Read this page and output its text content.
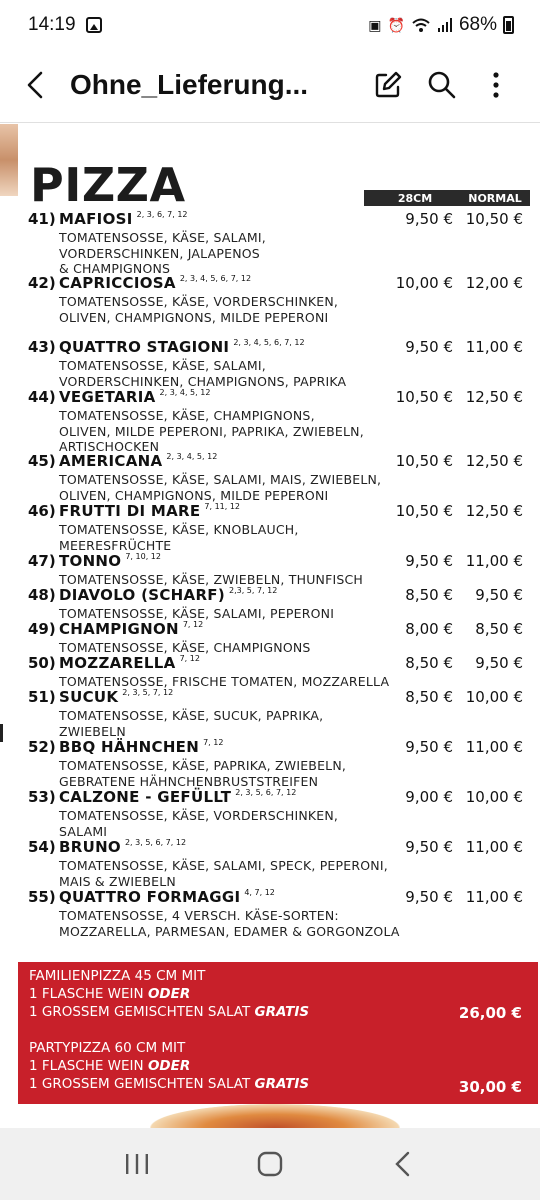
14:19	▣ ⏰	68%
Ohne_Lieferung...
PIZZA	28CM	NORMAL
41) MAFIOSI 2, 3, 6, 7, 12	9,50 € 10,50 €
TOMATENSOSSE, KÄSE, SALAMI,
VORDERSCHINKEN, JALAPENOS
& CHAMPIGNONS
42) CAPRICCIOSA 2, 3, 4, 5, 6, 7, 12	10,00 € 12,00 €
TOMATENSOSSE, KÄSE, VORDERSCHINKEN,
OLIVEN, CHAMPIGNONS, MILDE PEPERONI
43) QUATTRO STAGIONI 2, 3, 4, 5, 6, 7, 12	9,50 € 11,00 €
TOMATENSOSSE, KÄSE, SALAMI,
VORDERSCHINKEN, CHAMPIGNONS, PAPRIKA
44) VEGETARIA 2, 3, 4, 5, 12	10,50 € 12,50 €
TOMATENSOSSE, KÄSE, CHAMPIGNONS,
OLIVEN, MILDE PEPERONI, PAPRIKA, ZWIEBELN,
ARTISCHOCKEN
45) AMERICANA 2, 3, 4, 5, 12	10,50 € 12,50 €
TOMATENSOSSE, KÄSE, SALAMI, MAIS, ZWIEBELN,
OLIVEN, CHAMPIGNONS, MILDE PEPERONI
46) FRUTTI DI MARE 7, 11, 12	10,50 € 12,50 €
TOMATENSOSSE, KÄSE, KNOBLAUCH,
MEERESFRÜCHTE
47) TONNO 7, 10, 12	9,50 € 11,00 €
TOMATENSOSSE, KÄSE, ZWIEBELN, THUNFISCH
48) DIAVOLO (SCHARF) 2,3, 5, 7, 12	8,50 €	9,50 €
TOMATENSOSSE, KÄSE, SALAMI, PEPERONI
49) CHAMPIGNON 7, 12	8,00 €	8,50 €
TOMATENSOSSE, KÄSE, CHAMPIGNONS
50) MOZZARELLA 7, 12	8,50 €	9,50 €
TOMATENSOSSE, FRISCHE TOMATEN, MOZZARELLA
51) SUCUK 2, 3, 5, 7, 12	8,50 € 10,00 €
TOMATENSOSSE, KÄSE, SUCUK, PAPRIKA,
ZWIEBELN
52) BBQ HÄHNCHEN 7, 12	9,50 € 11,00 €
TOMATENSOSSE, KÄSE, PAPRIKA, ZWIEBELN,
GEBRATENE HÄHNCHENBRUSTSTREIFEN
53) CALZONE - GEFÜLLT 2, 3, 5, 6, 7, 12	9,00 € 10,00 €
TOMATENSOSSE, KÄSE, VORDERSCHINKEN,
SALAMI
54) BRUNO 2, 3, 5, 6, 7, 12	9,50 € 11,00 €
TOMATENSOSSE, KÄSE, SALAMI, SPECK, PEPERONI,
MAIS & ZWIEBELN
55) QUATTRO FORMAGGI 4, 7, 12	9,50 € 11,00 €
TOMATENSOSSE, 4 VERSCH. KÄSE-SORTEN:
MOZZARELLA, PARMESAN, EDAMER & GORGONZOLA
FAMILIENPIZZA 45 CM MIT
1 FLASCHE WEIN ODER
1 GROSSEM GEMISCHTEN SALAT GRATIS	26,00 €
PARTYPIZZA 60 CM MIT
1 FLASCHE WEIN ODER
1 GROSSEM GEMISCHTEN SALAT GRATIS	30,00 €
